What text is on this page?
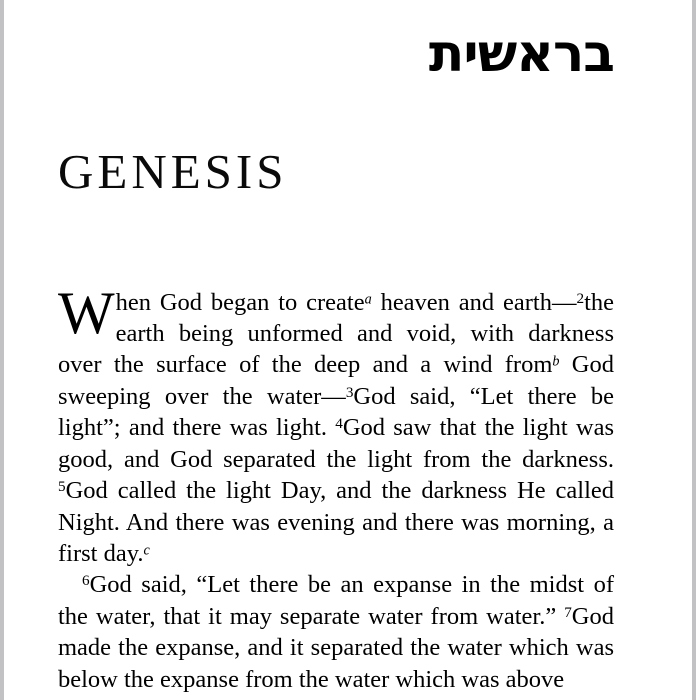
בראשית
GENESIS

When God began to create$^a$ heaven and earth—$^2$the earth being unformed and void, with darkness over the surface of the deep and a wind from$^b$ God sweeping over the water—$^3$God said, “Let there be light”; and there was light. $^4$God saw that the light was good, and God separated the light from the darkness. $^5$God called the light Day, and the darkness He called Night. And there was evening and there was morning, a first day.$^c$

$^6$God said, “Let there be an expanse in the midst of the water, that it may separate water from water.” $^7$God made the expanse, and it separated the water which was below the expanse from the water which was above
